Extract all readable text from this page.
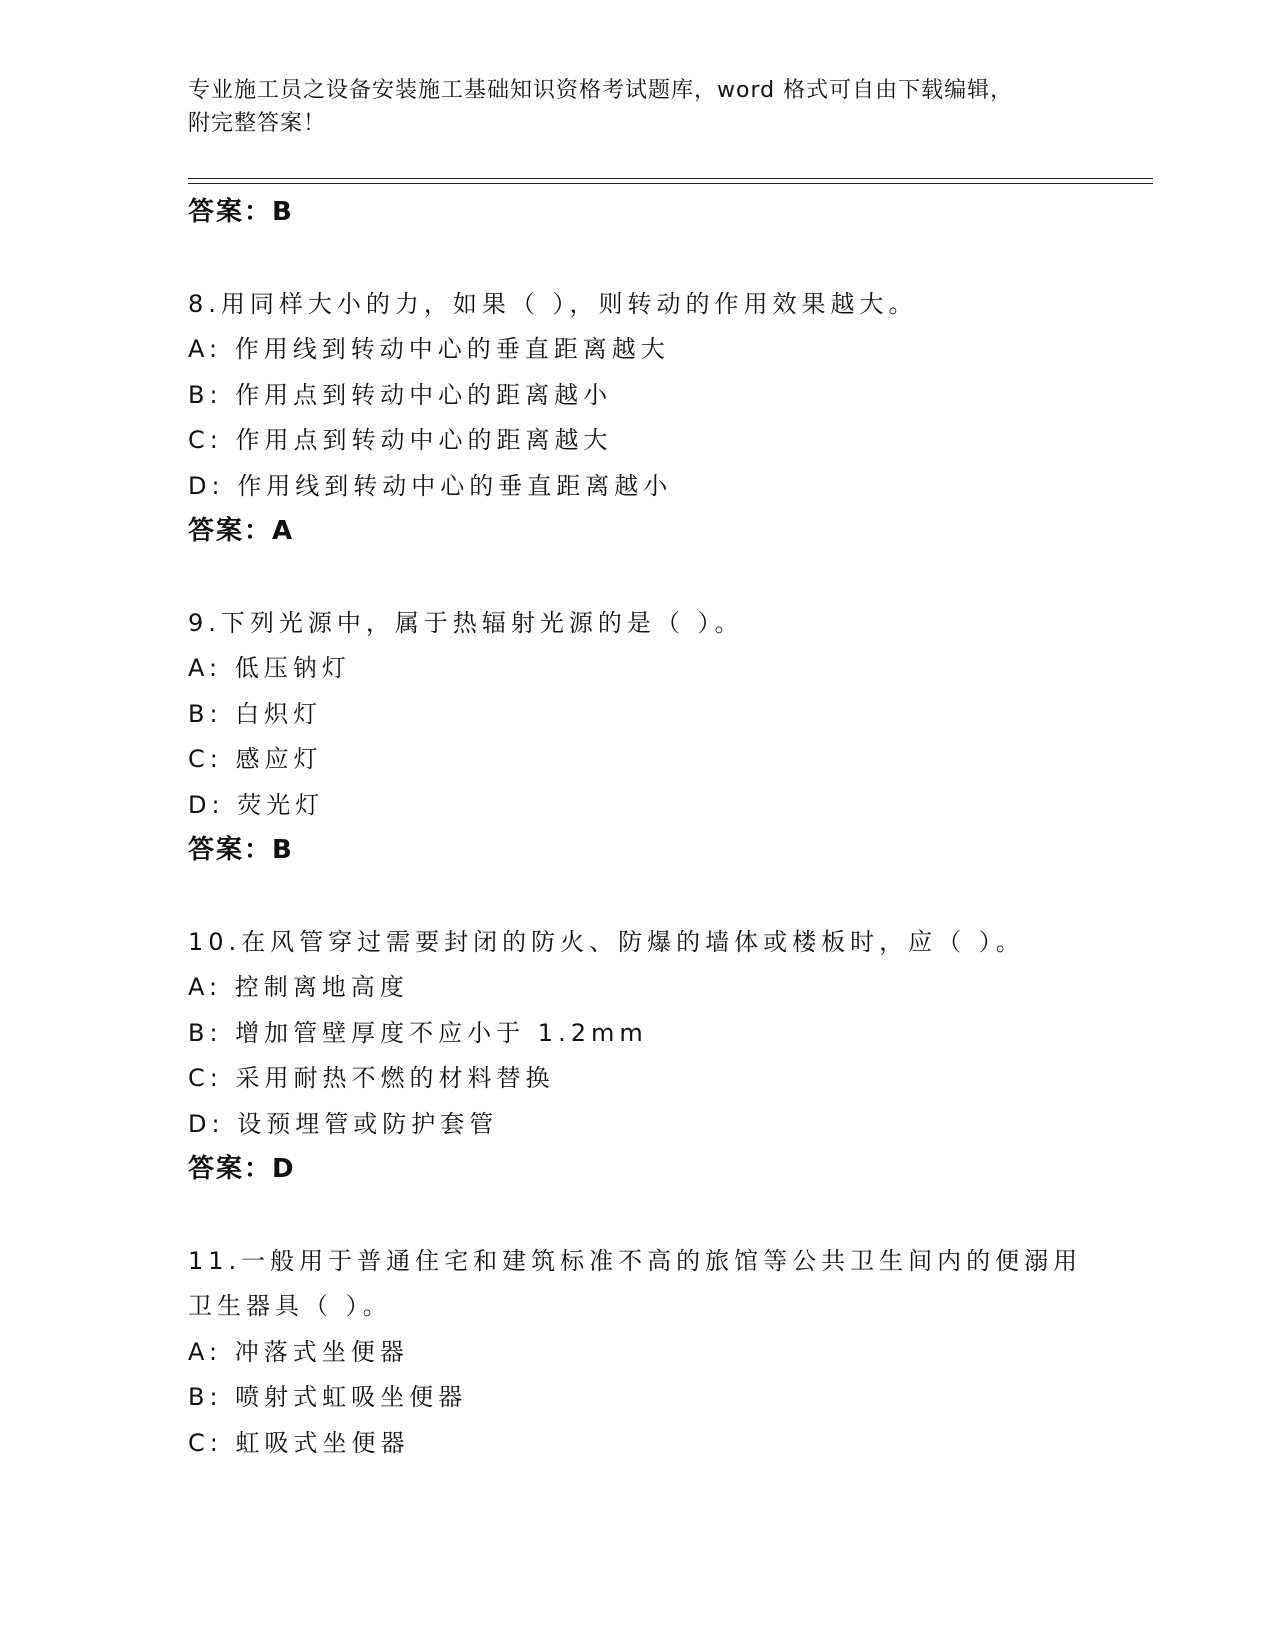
专业施工员之设备安装施工基础知识资格考试题库，word 格式可自由下载编辑，
附完整答案！
答案：B
8.用同样大小的力，如果（ ），则转动的作用效果越大。
A: 作用线到转动中心的垂直距离越大
B: 作用点到转动中心的距离越小
C: 作用点到转动中心的距离越大
D: 作用线到转动中心的垂直距离越小
答案：A
9.下列光源中，属于热辐射光源的是（ ）。
A: 低压钠灯
B: 白炽灯
C: 感应灯
D: 荧光灯
答案：B
10.在风管穿过需要封闭的防火、防爆的墙体或楼板时，应（ ）。
A: 控制离地高度
B: 增加管壁厚度不应小于 1.2mm
C: 采用耐热不燃的材料替换
D: 设预埋管或防护套管
答案：D
11.一般用于普通住宅和建筑标准不高的旅馆等公共卫生间内的便溺用
卫生器具（ ）。
A: 冲落式坐便器
B: 喷射式虹吸坐便器
C: 虹吸式坐便器
